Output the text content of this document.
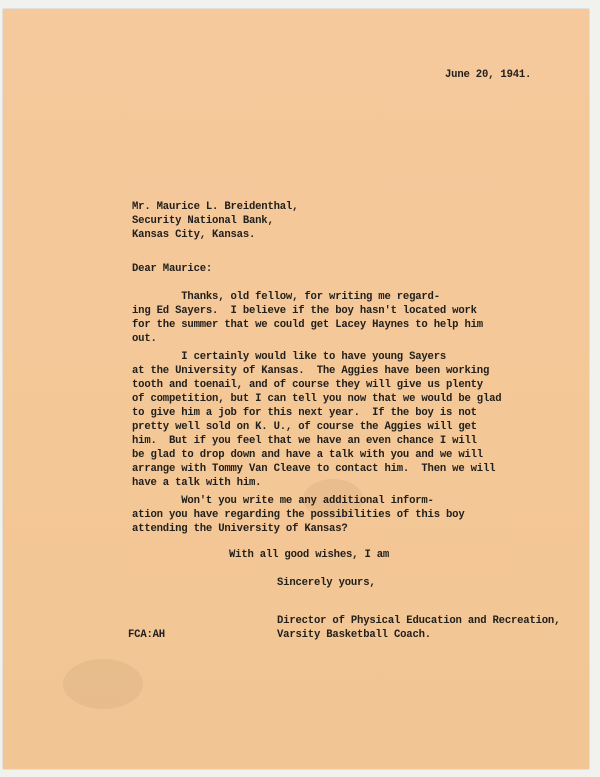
June 20, 1941.

Mr. Maurice L. Breidenthal,

Security National Bank,

Kansas City, Kansas.

Dear Maurice:

Thanks, old fellow, for writing me regard-

ing Ed Sayers.  I believe if the boy hasn't located work

for the summer that we could get Lacey Haynes to help him

out.

I certainly would like to have young Sayers

at the University of Kansas.  The Aggies have been working

tooth and toenail, and of course they will give us plenty

of competition, but I can tell you now that we would be glad

to give him a job for this next year.  If the boy is not

pretty well sold on K. U., of course the Aggies will get

him.  But if you feel that we have an even chance I will

be glad to drop down and have a talk with you and we will

arrange with Tommy Van Cleave to contact him.  Then we will

have a talk with him.

Won't you write me any additional inform-

ation you have regarding the possibilities of this boy

attending the University of Kansas?

With all good wishes, I am

Sincerely yours,

Director of Physical Education and Recreation,

Varsity Basketball Coach.

FCA:AH
